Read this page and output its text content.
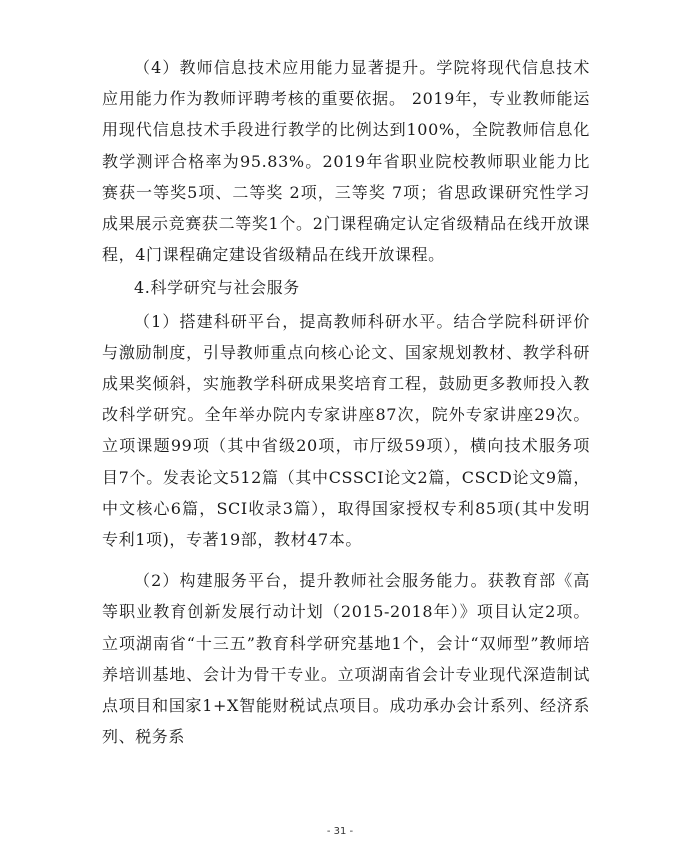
（4）教师信息技术应用能力显著提升。学院将现代信息技术应用能力作为教师评聘考核的重要依据。 2019年，专业教师能运用现代信息技术手段进行教学的比例达到100%，全院教师信息化教学测评合格率为95.83%。2019年省职业院校教师职业能力比赛获一等奖5项、二等奖 2项，三等奖 7项；省思政课研究性学习成果展示竞赛获二等奖1个。2门课程确定认定省级精品在线开放课程，4门课程确定建设省级精品在线开放课程。

4.科学研究与社会服务

（1）搭建科研平台，提高教师科研水平。结合学院科研评价与激励制度，引导教师重点向核心论文、国家规划教材、教学科研成果奖倾斜，实施教学科研成果奖培育工程，鼓励更多教师投入教改科学研究。全年举办院内专家讲座87次，院外专家讲座29次。立项课题99项（其中省级20项，市厅级59项），横向技术服务项目7个。发表论文512篇（其中CSSCI论文2篇，CSCD论文9篇，中文核心6篇，SCI收录3篇），取得国家授权专利85项(其中发明专利1项)，专著19部，教材47本。

（2）构建服务平台，提升教师社会服务能力。获教育部《高等职业教育创新发展行动计划（2015-2018年）》项目认定2项。立项湖南省“十三五”教育科学研究基地1个，会计“双师型”教师培养培训基地、会计为骨干专业。立项湖南省会计专业现代深造制试点项目和国家1+X智能财税试点项目。成功承办会计系列、经济系列、税务系

- 31 -
